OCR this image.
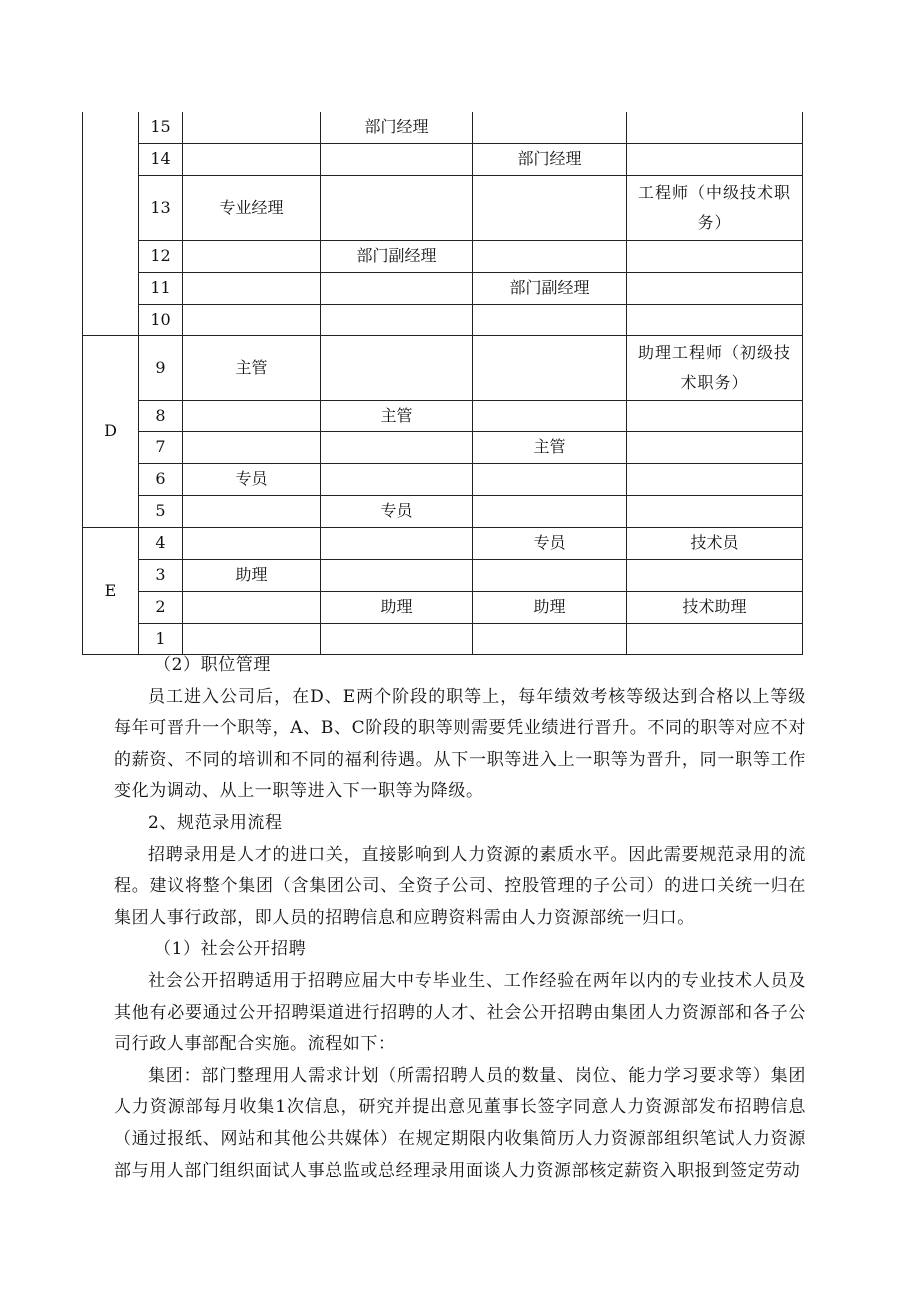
	15		部门经理		
	14			部门经理	
	13	专业经理			工程师（中级技术职务）
	12		部门副经理		
	11			部门副经理	
	10				
D	9	主管			助理工程师（初级技术职务）
	8		主管		
	7			主管	
	6	专员			
	5		专员		
E	4			专员	技术员
	3	助理			
	2		助理	助理	技术助理
	1				

（2）职位管理

员工进入公司后，在D、E两个阶段的职等上，每年绩效考核等级达到合格以上等级每年可晋升一个职等，A、B、C阶段的职等则需要凭业绩进行晋升。不同的职等对应不对的薪资、不同的培训和不同的福利待遇。从下一职等进入上一职等为晋升，同一职等工作变化为调动、从上一职等进入下一职等为降级。

2、规范录用流程

招聘录用是人才的进口关，直接影响到人力资源的素质水平。因此需要规范录用的流程。建议将整个集团（含集团公司、全资子公司、控股管理的子公司）的进口关统一归在集团人事行政部，即人员的招聘信息和应聘资料需由人力资源部统一归口。

（1）社会公开招聘

社会公开招聘适用于招聘应届大中专毕业生、工作经验在两年以内的专业技术人员及其他有必要通过公开招聘渠道进行招聘的人才、社会公开招聘由集团人力资源部和各子公司行政人事部配合实施。流程如下：

集团：部门整理用人需求计划（所需招聘人员的数量、岗位、能力学习要求等）集团人力资源部每月收集1次信息，研究并提出意见董事长签字同意人力资源部发布招聘信息（通过报纸、网站和其他公共媒体）在规定期限内收集简历人力资源部组织笔试人力资源部与用人部门组织面试人事总监或总经理录用面谈人力资源部核定薪资入职报到签定劳动
